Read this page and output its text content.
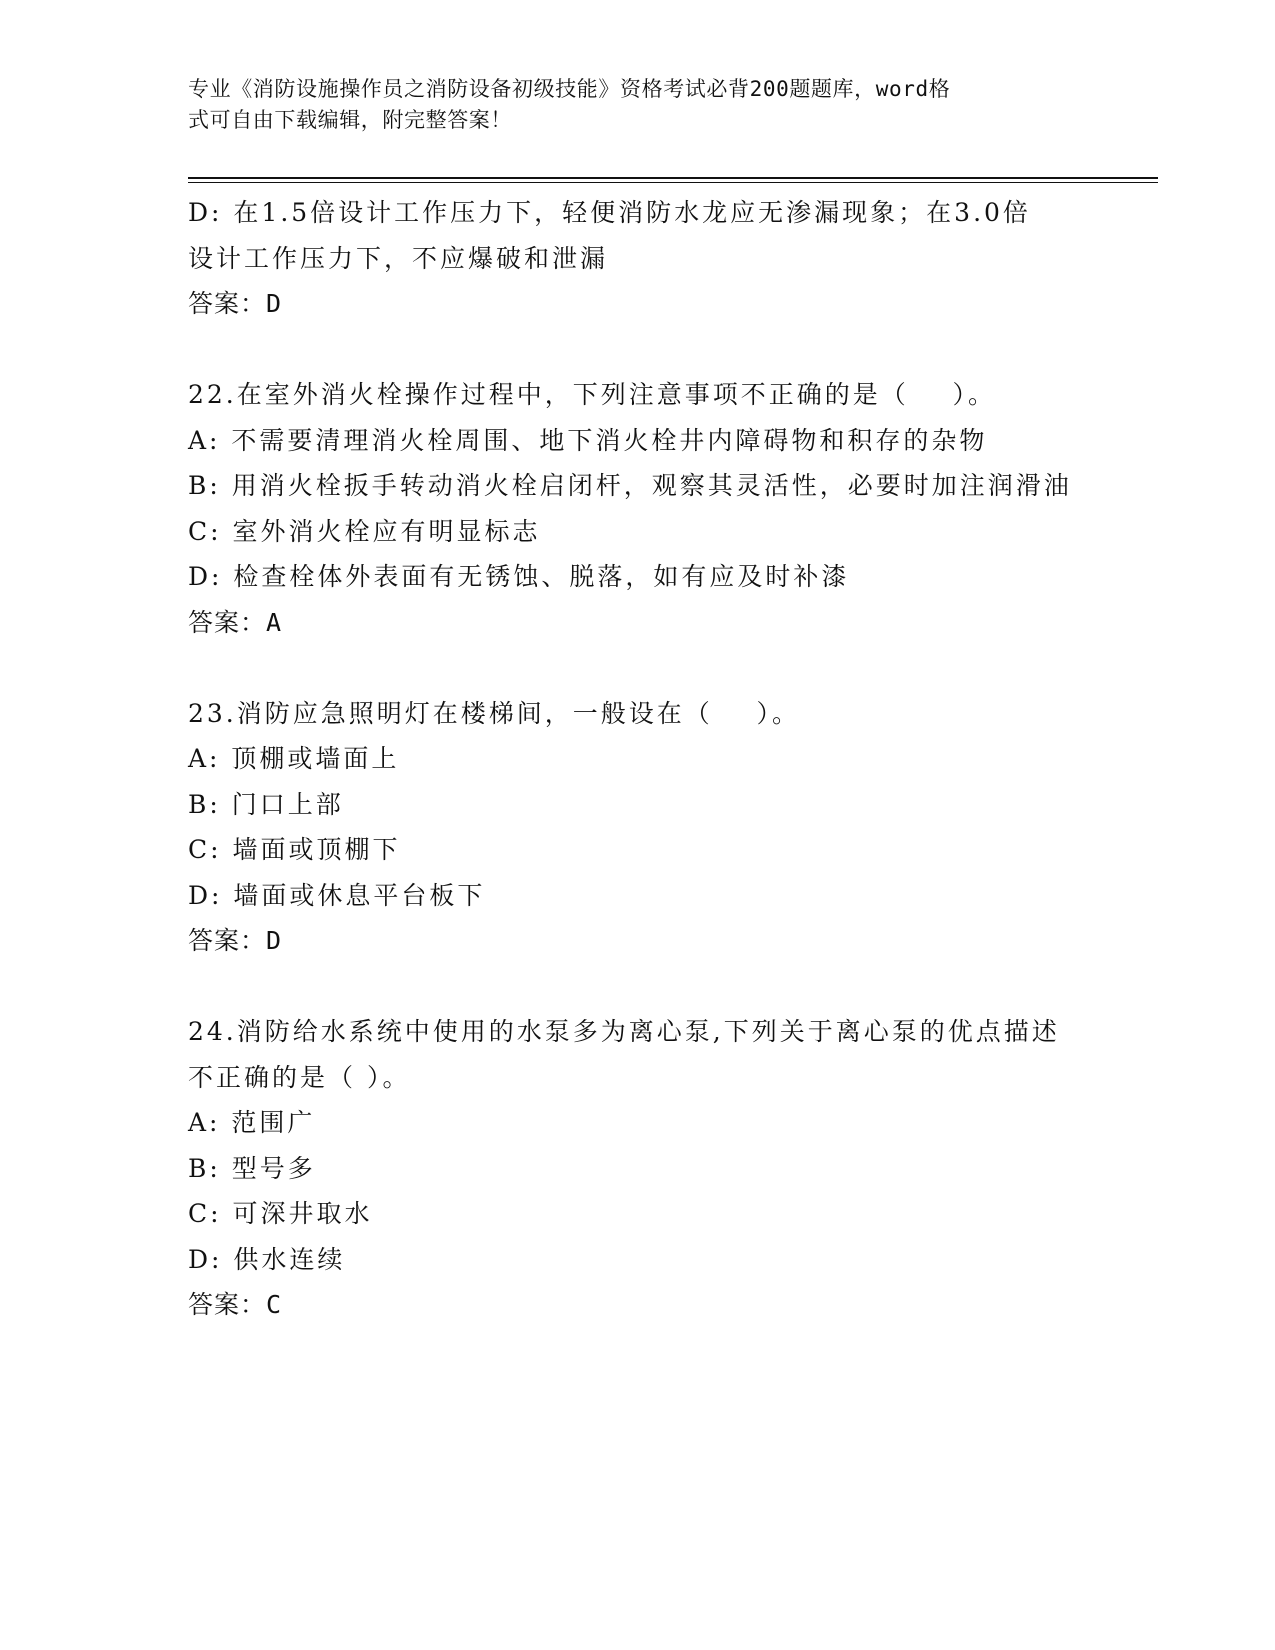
专业《消防设施操作员之消防设备初级技能》资格考试必背200题题库，word格
式可自由下载编辑，附完整答案！

D: 在1.5倍设计工作压力下，轻便消防水龙应无渗漏现象；在3.0倍

设计工作压力下，不应爆破和泄漏

答案：D

22.在室外消火栓操作过程中，下列注意事项不正确的是（    ）。

A: 不需要清理消火栓周围、地下消火栓井内障碍物和积存的杂物

B: 用消火栓扳手转动消火栓启闭杆，观察其灵活性，必要时加注润滑油

C: 室外消火栓应有明显标志

D: 检查栓体外表面有无锈蚀、脱落，如有应及时补漆

答案：A

23.消防应急照明灯在楼梯间，一般设在（    ）。

A: 顶棚或墙面上

B: 门口上部

C: 墙面或顶棚下

D: 墙面或休息平台板下

答案：D

24.消防给水系统中使用的水泵多为离心泵,下列关于离心泵的优点描述不正确的是（ ）。

A: 范围广

B: 型号多

C: 可深井取水

D: 供水连续

答案：C
